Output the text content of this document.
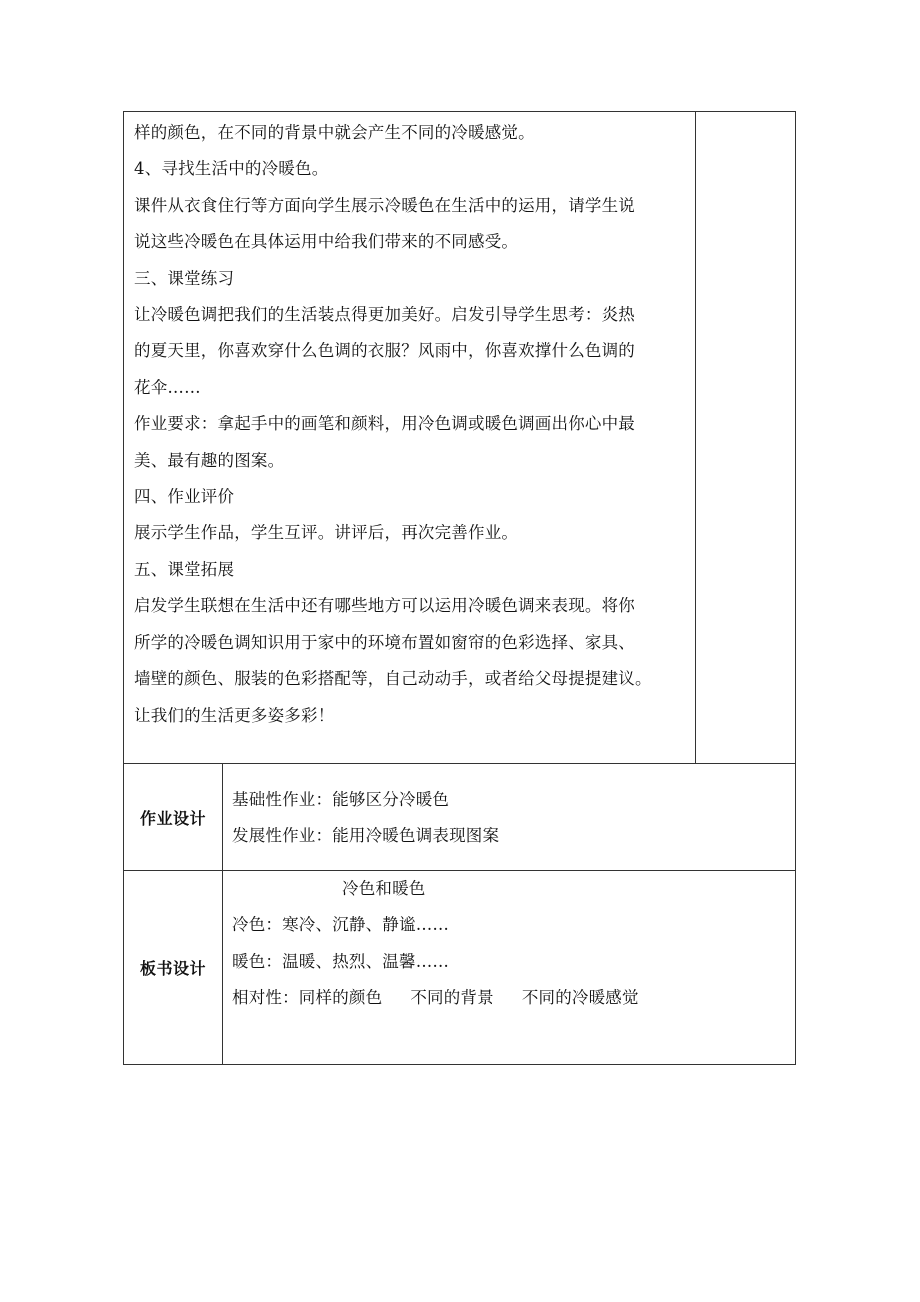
样的颜色，在不同的背景中就会产生不同的冷暖感觉。
4、寻找生活中的冷暖色。
课件从衣食住行等方面向学生展示冷暖色在生活中的运用，请学生说
说这些冷暖色在具体运用中给我们带来的不同感受。
三、课堂练习
让冷暖色调把我们的生活装点得更加美好。启发引导学生思考：炎热
的夏天里，你喜欢穿什么色调的衣服？风雨中，你喜欢撑什么色调的
花伞……
作业要求：拿起手中的画笔和颜料，用冷色调或暖色调画出你心中最
美、最有趣的图案。
四、作业评价
展示学生作品，学生互评。讲评后，再次完善作业。
五、课堂拓展
启发学生联想在生活中还有哪些地方可以运用冷暖色调来表现。将你
所学的冷暖色调知识用于家中的环境布置如窗帘的色彩选择、家具、
墙壁的颜色、服装的色彩搭配等，自己动动手，或者给父母提提建议。
让我们的生活更多姿多彩！
作业设计
基础性作业：能够区分冷暖色
发展性作业：能用冷暖色调表现图案
板书设计
冷色和暖色
冷色：寒冷、沉静、静谧……
暖色：温暖、热烈、温馨……
相对性：同样的颜色 不同的背景 不同的冷暖感觉
